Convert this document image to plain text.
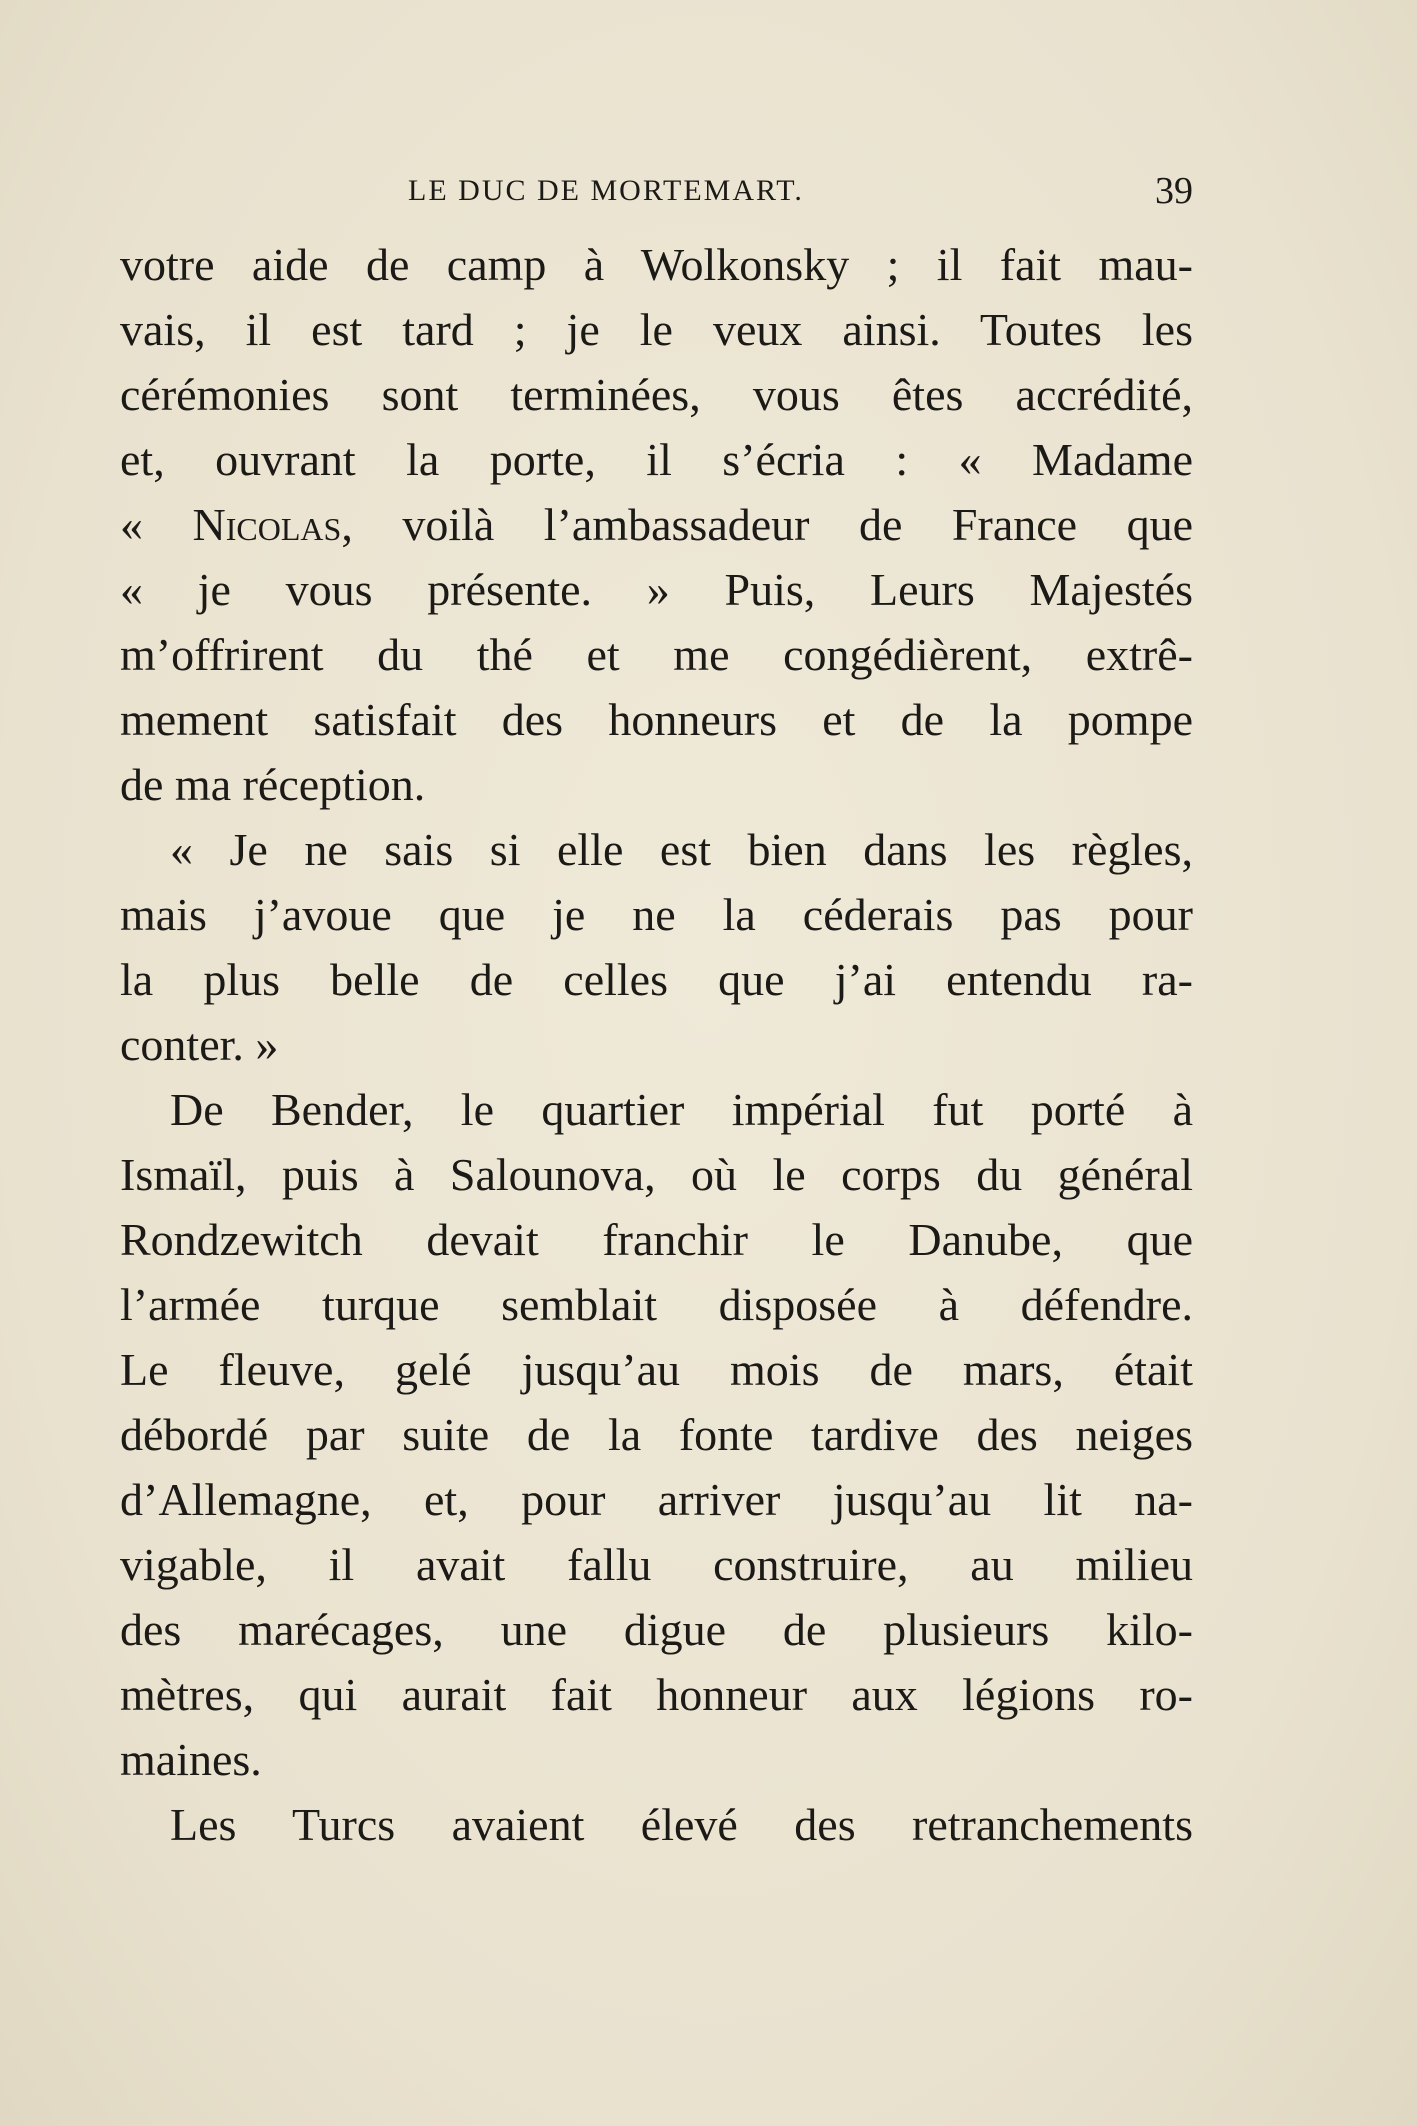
LE DUC DE MORTEMART.	39
votre aide de camp à Wolkonsky ; il fait mau-
vais, il est tard ; je le veux ainsi. Toutes les
cérémonies sont terminées, vous êtes accrédité,
et, ouvrant la porte, il s’écria : « Madame
« Nicolas, voilà l’ambassadeur de France que
« je vous présente. » Puis, Leurs Majestés
m’offrirent du thé et me congédièrent, extrê-
mement satisfait des honneurs et de la pompe
de ma réception.
« Je ne sais si elle est bien dans les règles,
mais j’avoue que je ne la céderais pas pour
la plus belle de celles que j’ai entendu ra-
conter. »
De Bender, le quartier impérial fut porté à
Ismaïl, puis à Salounova, où le corps du général
Rondzewitch devait franchir le Danube, que
l’armée turque semblait disposée à défendre.
Le fleuve, gelé jusqu’au mois de mars, était
débordé par suite de la fonte tardive des neiges
d’Allemagne, et, pour arriver jusqu’au lit na-
vigable, il avait fallu construire, au milieu
des marécages, une digue de plusieurs kilo-
mètres, qui aurait fait honneur aux légions ro-
maines.
Les Turcs avaient élevé des retranchements
